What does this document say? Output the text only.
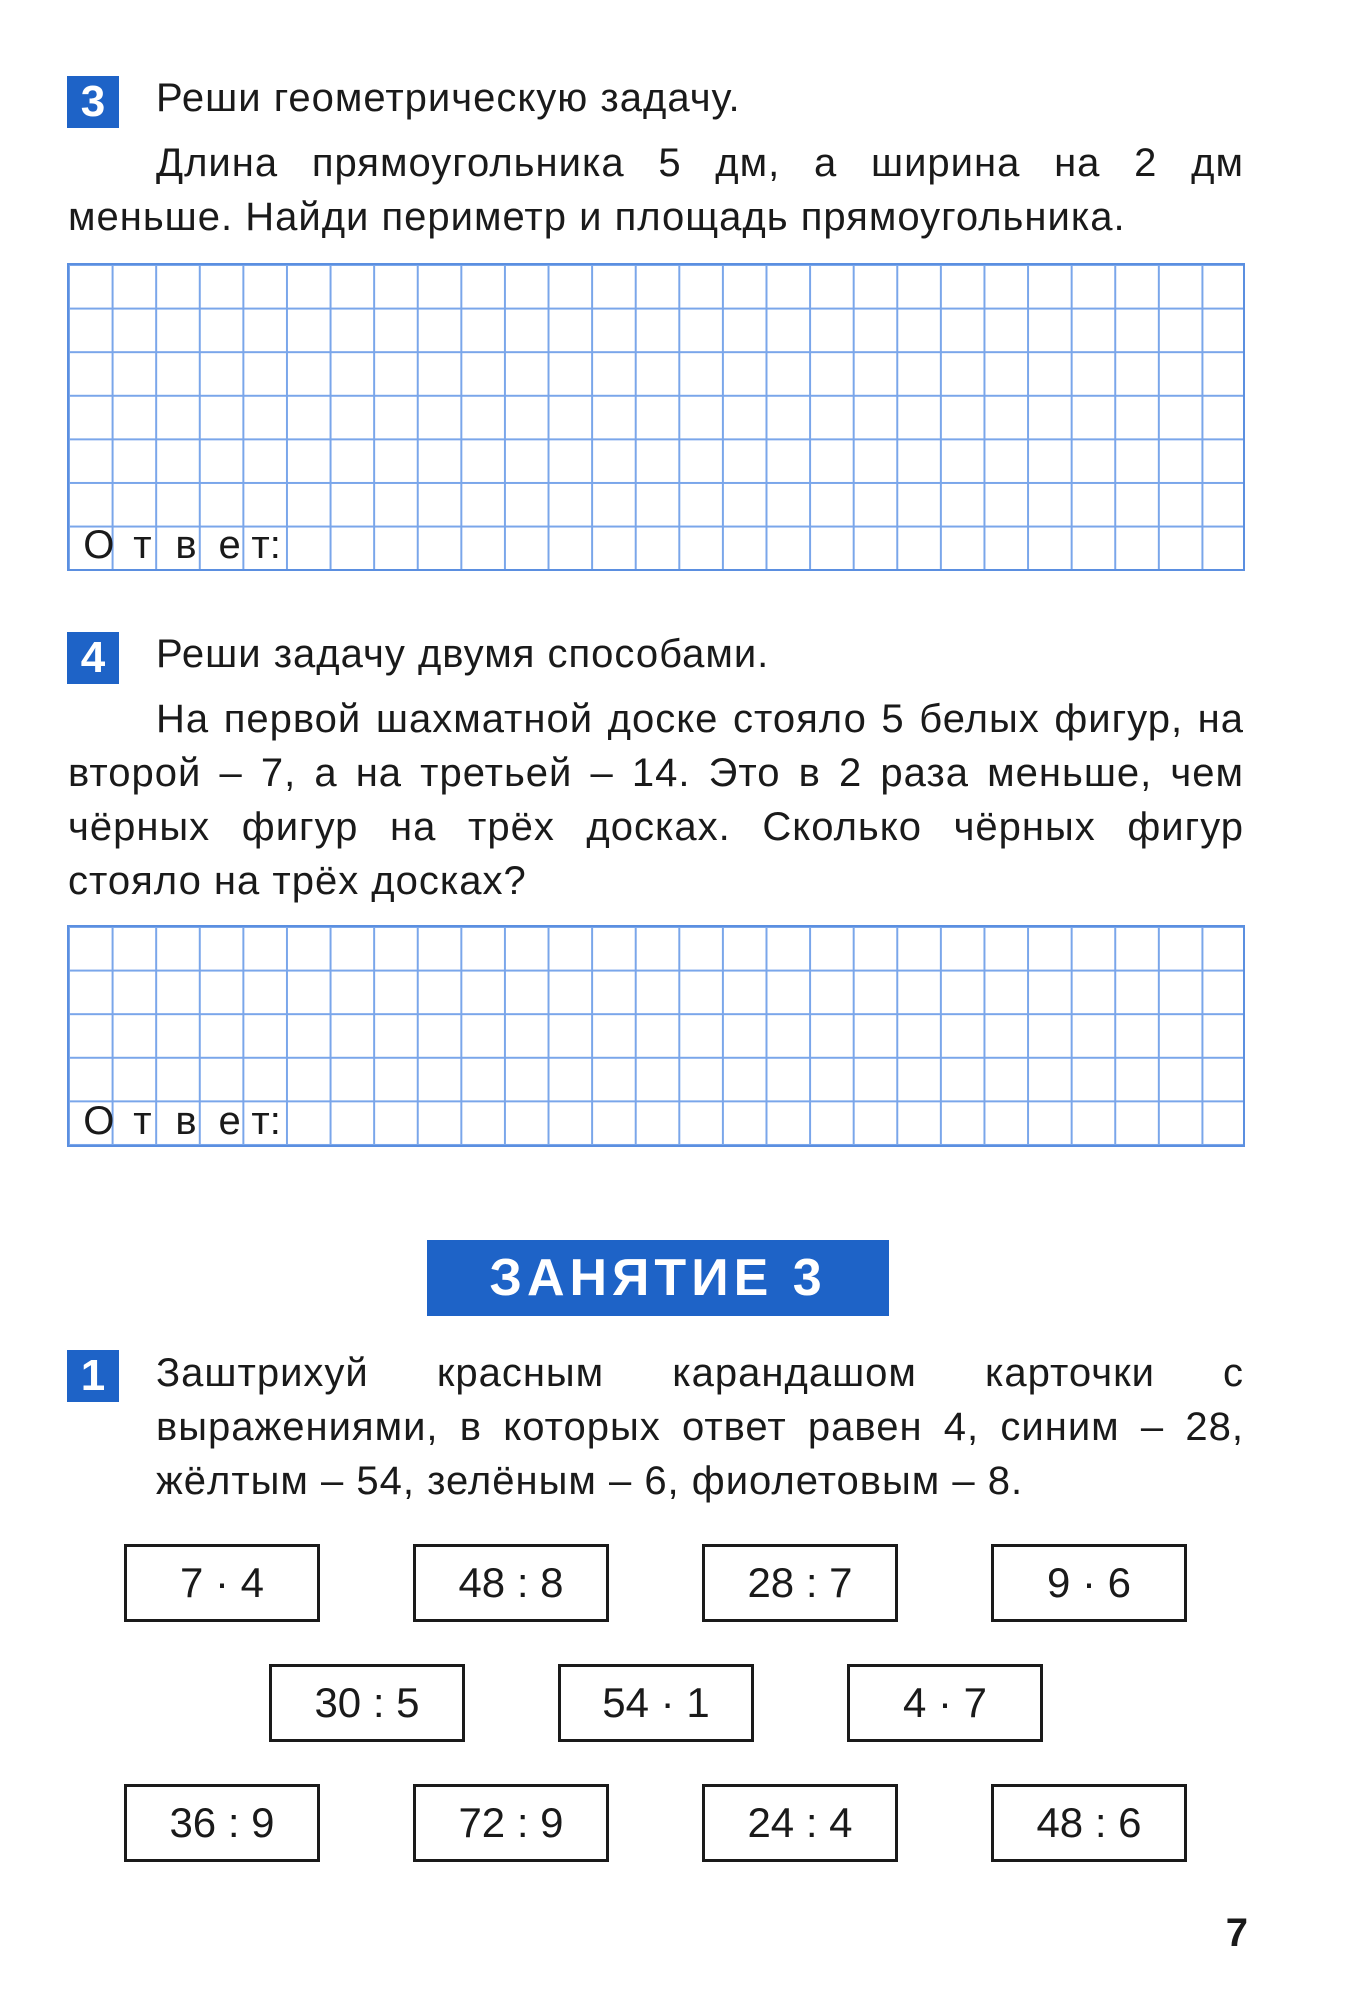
3	Реши геометрическую задачу.
Длина прямоугольника 5 дм, а ширина на 2 дм меньше. Найди периметр и площадь прямоугольника.
О т в е т:
4	Реши задачу двумя способами.
На первой шахматной доске стояло 5 белых фигур, на второй – 7, а на третьей – 14. Это в 2 раза меньше, чем чёрных фигур на трёх досках. Сколько чёрных фигур стояло на трёх досках?
О т в е т:
ЗАНЯТИЕ 3
1	Заштрихуй красным карандашом карточки с выражениями, в которых ответ равен 4, синим – 28, жёлтым – 54, зелёным – 6, фиолетовым – 8.
7 · 4	48 : 8	28 : 7	9 · 6
30 : 5	54 · 1	4 · 7
36 : 9	72 : 9	24 : 4	48 : 6
7
